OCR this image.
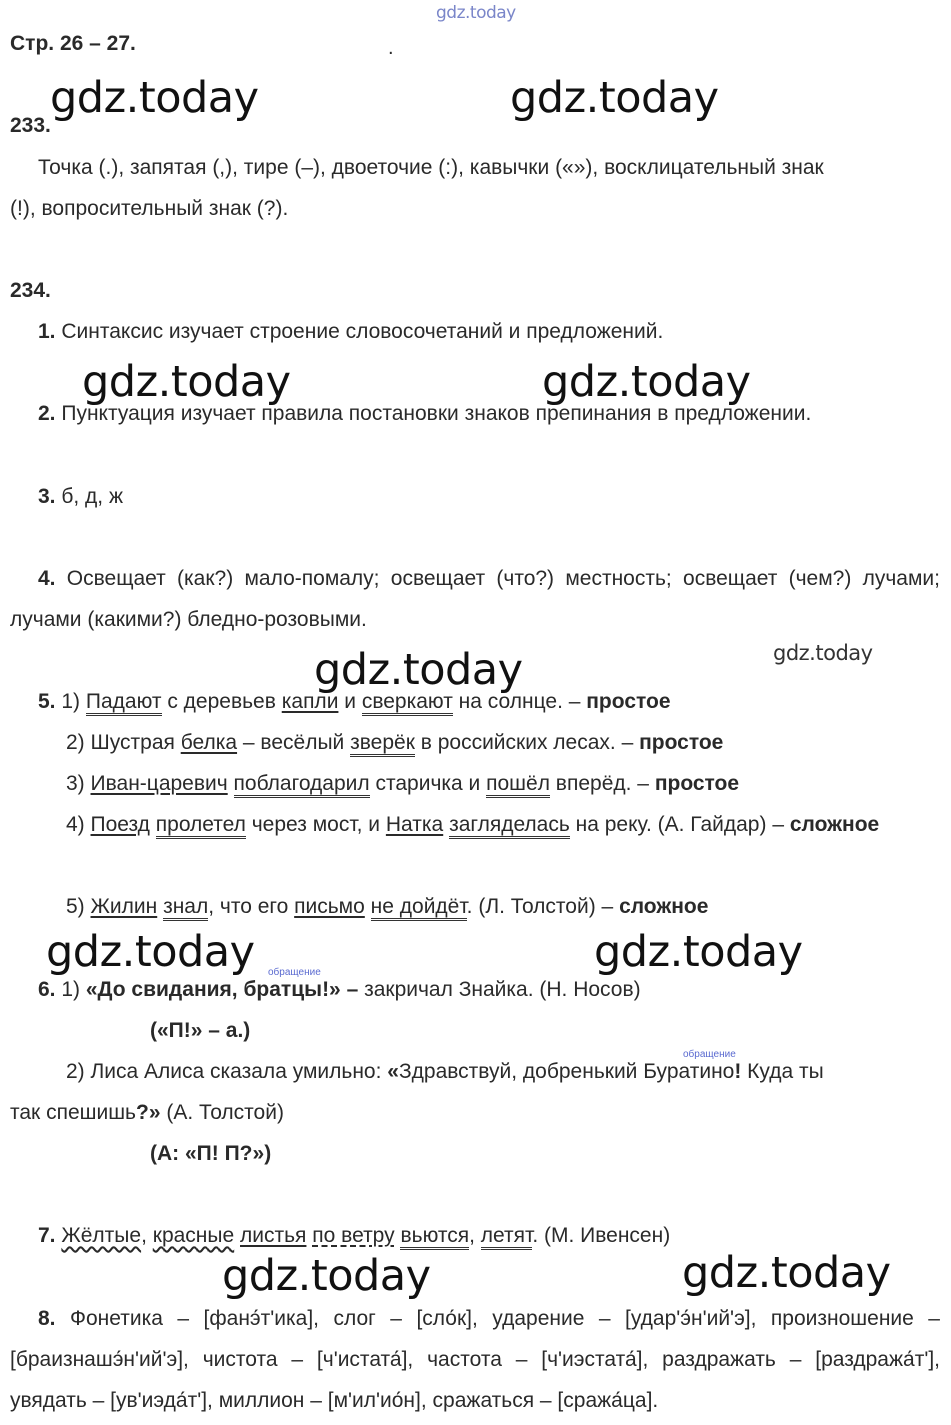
gdz.today
gdz.today	gdz.today
gdz.today	gdz.today
gdz.today
gdz.today
gdz.today	gdz.today
gdz.today	gdz.today
.
Стр. 26 – 27.
233.
Точка (.), запятая (,), тире (–), двоеточие (:), кавычки («»), восклицательный знак
(!), вопросительный знак (?).
234.
1. Синтаксис изучает строение словосочетаний и предложений.
2. Пунктуация изучает правила постановки знаков препинания в предложении.
3. б, д, ж
4. Освещает (как?) мало-помалу; освещает (что?) местность; освещает (чем?) лучами; лучами (какими?) бледно-розовыми.
5. 1) Падают с деревьев капли и сверкают на солнце. – простое
2) Шустрая белка – весёлый зверёк в российских лесах. – простое
3) Иван-царевич поблагодарил старичка и пошёл вперёд. – простое
4) Поезд пролетел через мост, и Натка загляделась на реку. (А. Гайдар) – сложное
5) Жилин знал, что его письмо не дойдёт. (Л. Толстой) – сложное
обращение
6. 1) «До свидания, братцы!» – закричал Знайка. (Н. Носов)
(«П!» – а.)
обращение
2) Лиса Алиса сказала умильно: «Здравствуй, добренький Буратино! Куда ты
так спешишь?» (А. Толстой)
(А: «П! П?»)
7. Жёлтые, красные листья по ветру вьются, летят. (М. Ивенсен)
8. Фонетика – [фанэ́т'ика], слог – [сло́к], ударение – [удар'э́н'ий'э], произношение – [браизнашэ́н'ий'э], чистота – [ч'истата́], частота – [ч'иэстата́], раздражать – [раздража́т'], увядать – [ув'иэда́т'], миллион – [м'ил'ио́н], сражаться – [сража́ца].
